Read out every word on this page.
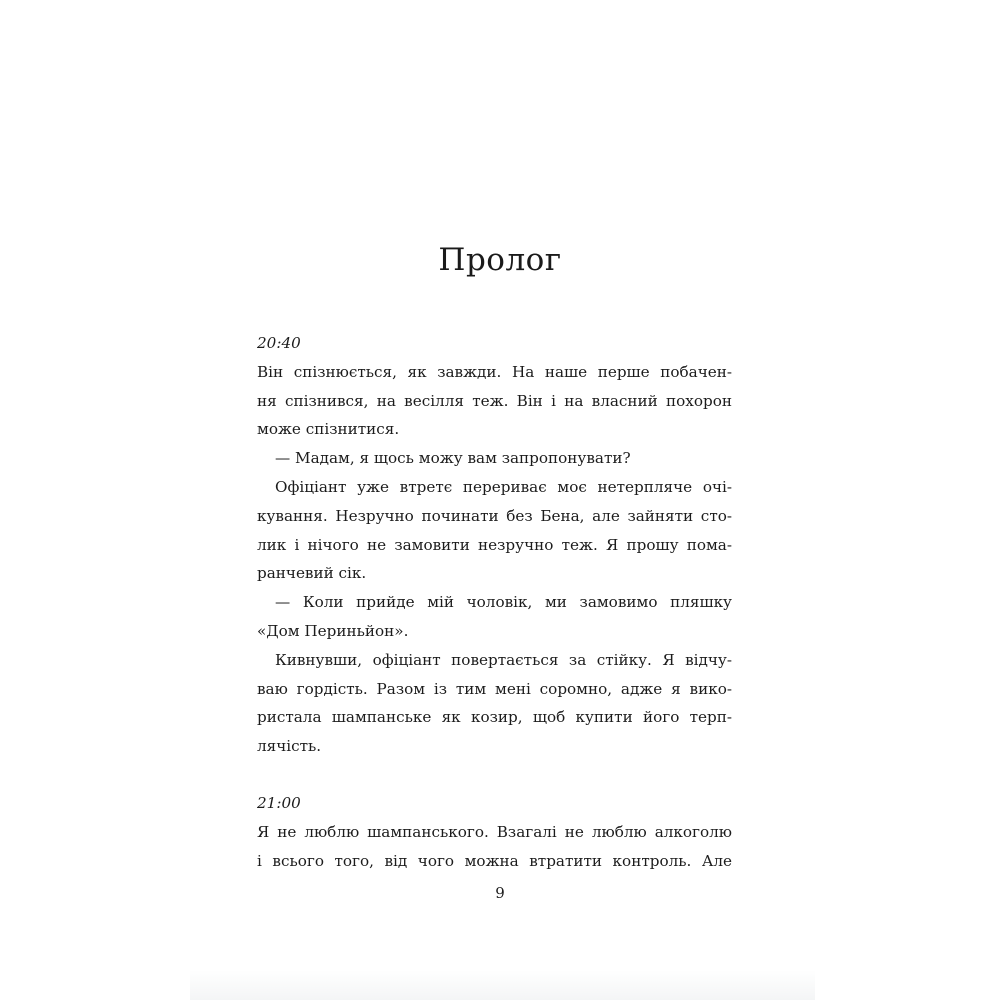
Пролог

20:40

Він спізнюється, як завжди. На наше перше побачен-

ня спізнився, на весілля теж. Він і на власний похорон

може спізнитися.

— Мадам, я щось можу вам запропонувати?

Офіціант уже втретє перериває моє нетерпляче очі-

кування. Незручно починати без Бена, але зайняти сто-

лик і нічого не замовити незручно теж. Я прошу пома-

ранчевий сік.

— Коли прийде мій чоловік, ми замовимо пляшку

«Дом Периньйон».

Кивнувши, офіціант повертається за стійку. Я відчу-

ваю гордість. Разом із тим мені соромно, адже я вико-

ристала шампанське як козир, щоб купити його терп-

лячість.

21:00

Я не люблю шампанського. Взагалі не люблю алкоголю

і всього того, від чого можна втратити контроль. Але

9
